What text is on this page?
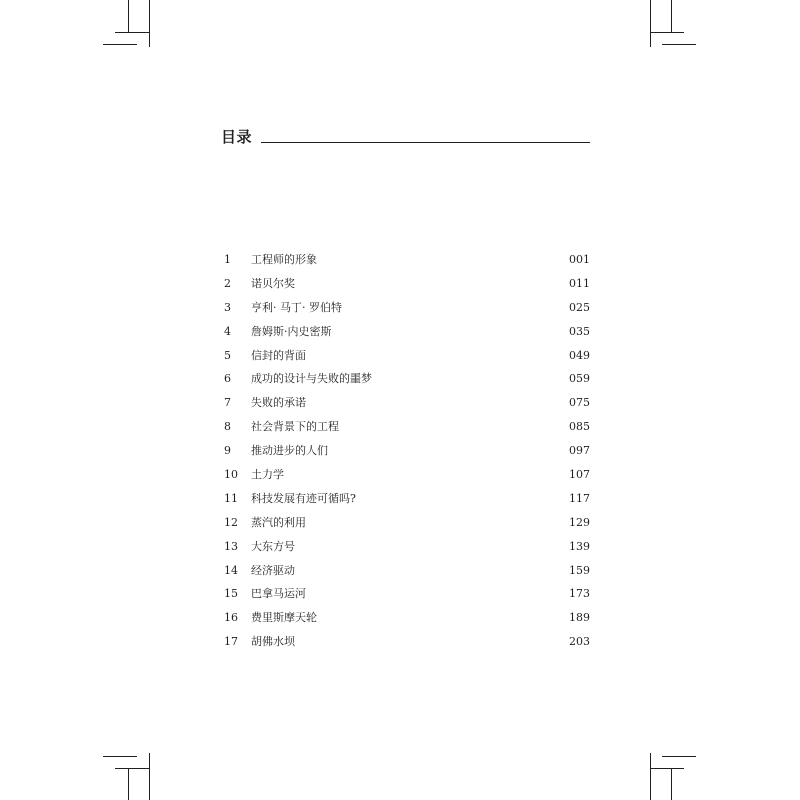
目录
1 工程师的形象	001
2 诺贝尔奖	011
3 亨利· 马丁· 罗伯特	025
4 詹姆斯·内史密斯	035
5 信封的背面	049
6 成功的设计与失败的噩梦	059
7 失败的承诺	075
8 社会背景下的工程	085
9 推动进步的人们	097
10 土力学	107
11 科技发展有迹可循吗?	117
12 蒸汽的利用	129
13 大东方号	139
14 经济驱动	159
15 巴拿马运河	173
16 费里斯摩天轮	189
17 胡佛水坝	203
